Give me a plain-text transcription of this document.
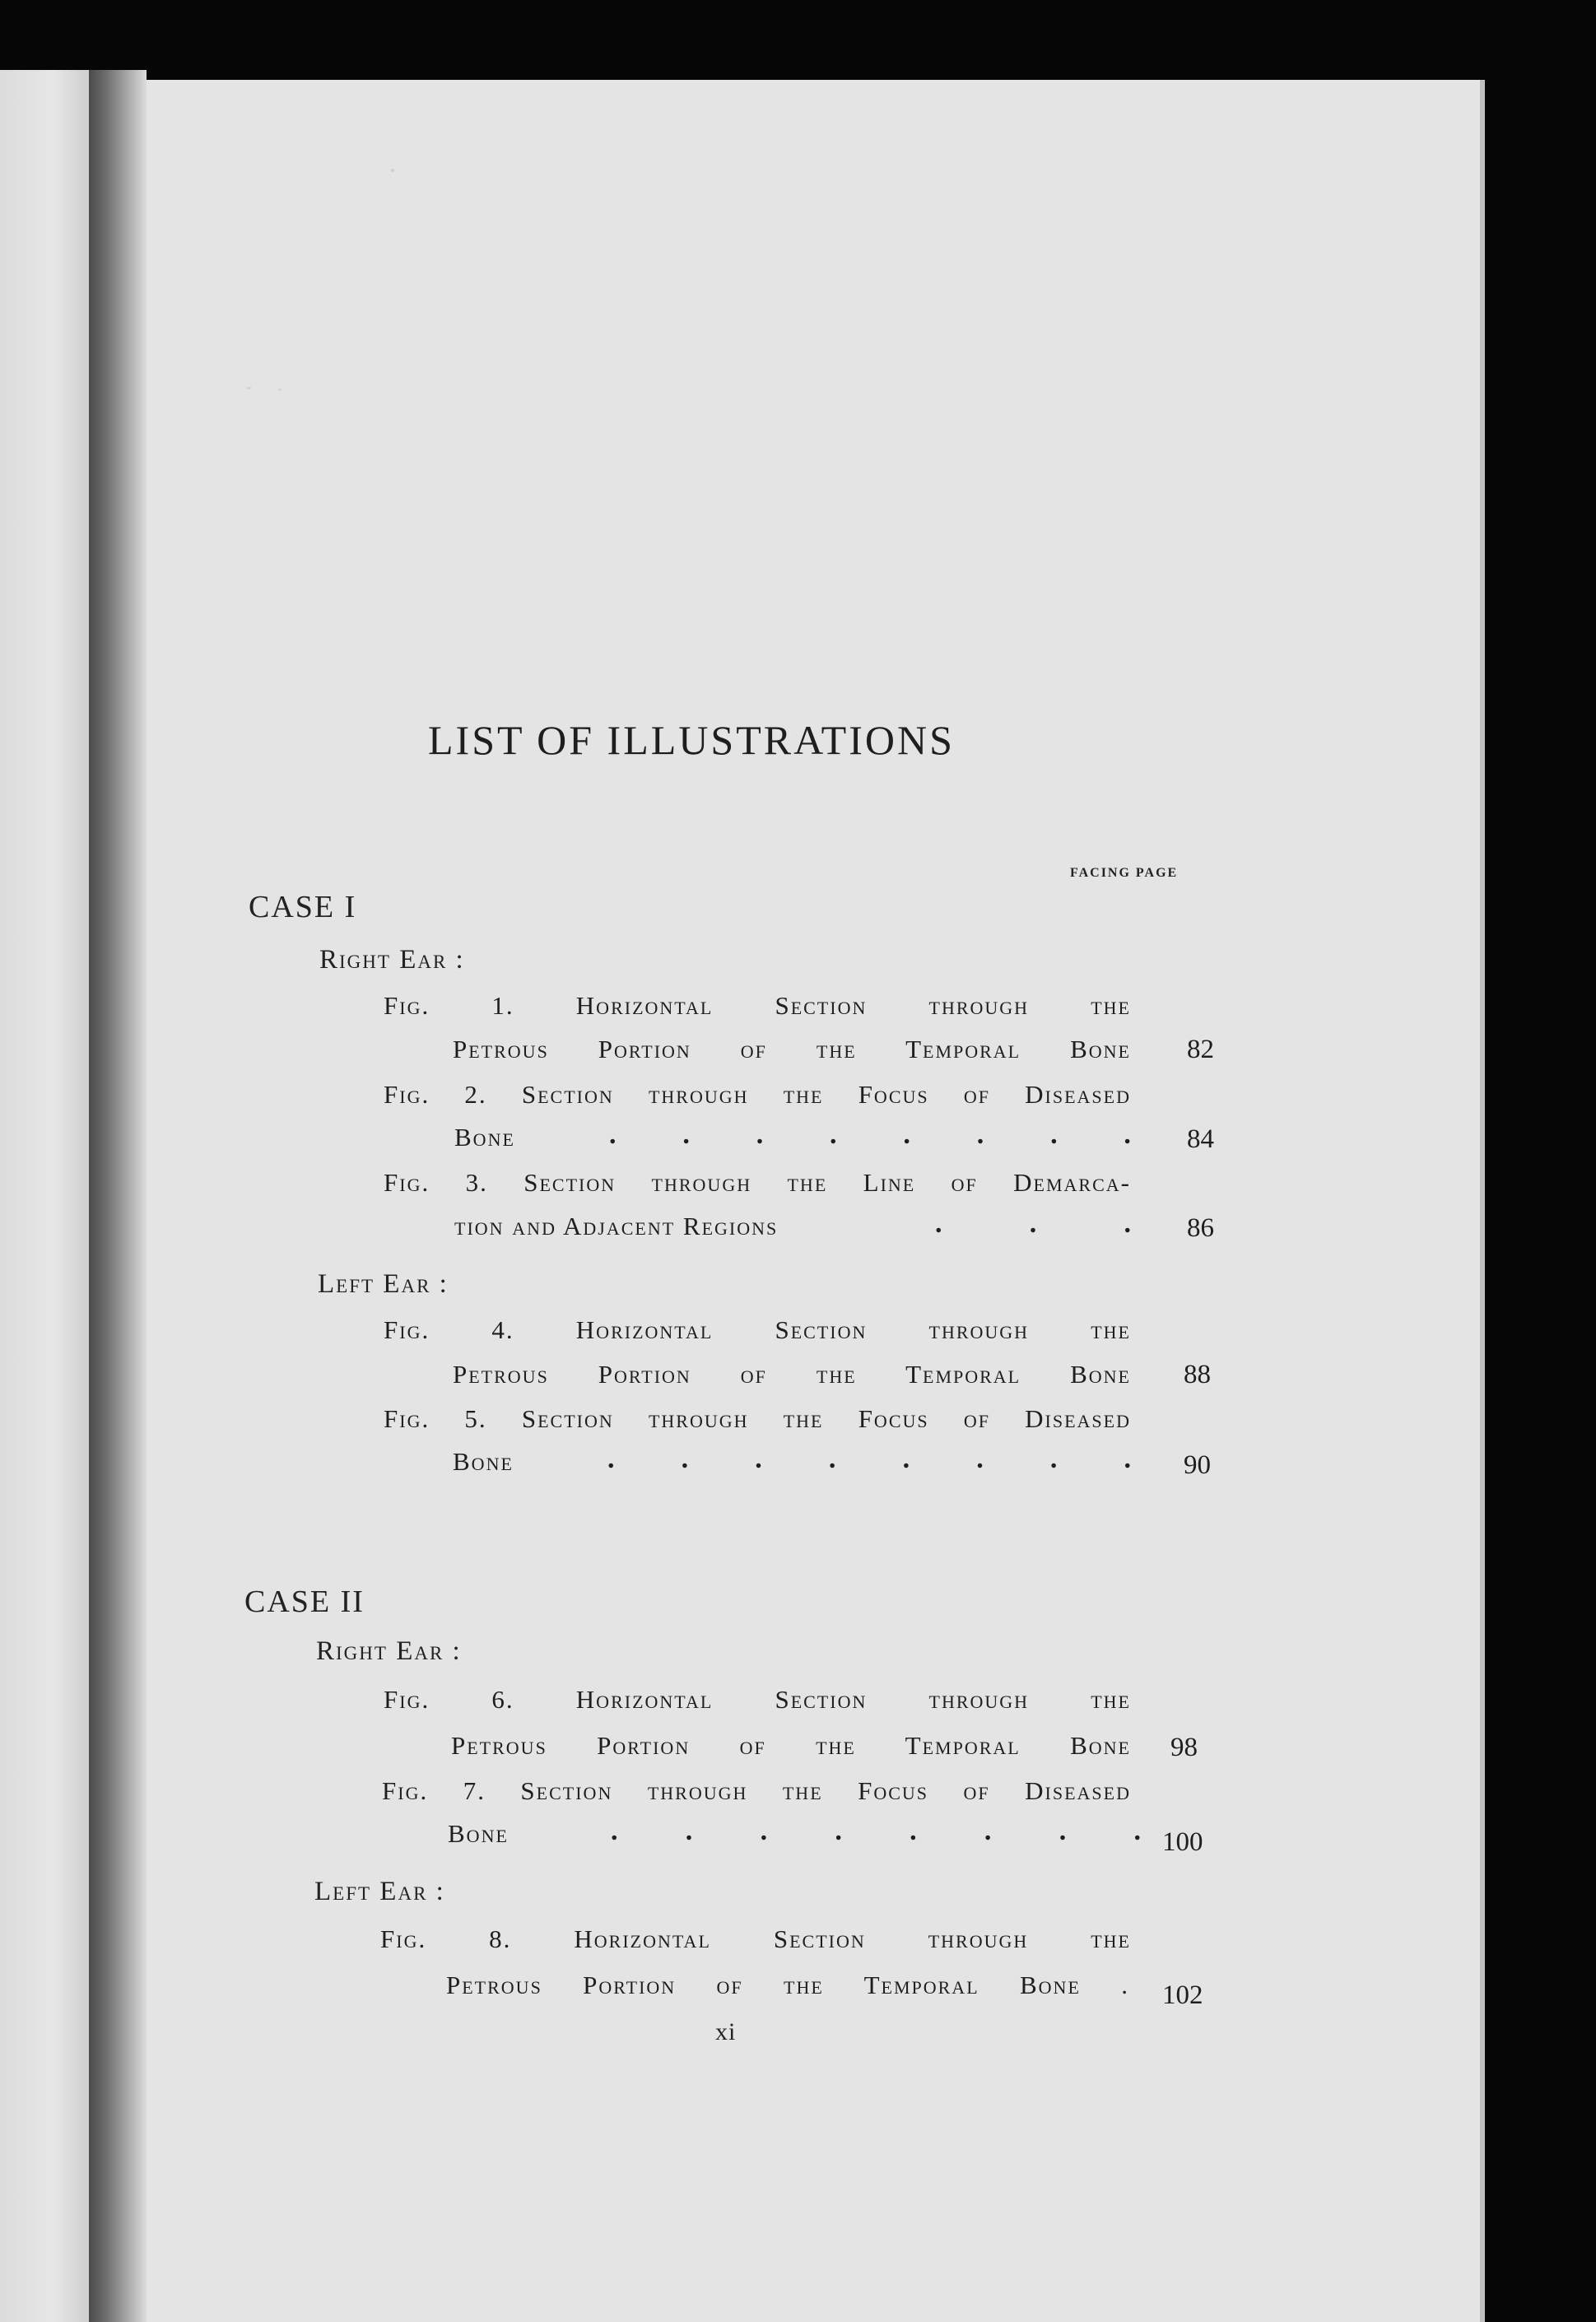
LIST OF ILLUSTRATIONS
FACING PAGE
CASE I
Right Ear :
Fig. 1. Horizontal Section through the
Petrous Portion of the Temporal Bone 82
Fig. 2. Section through the Focus of Diseased
Bone	. . . . . . . . 84
Fig. 3. Section through the Line of Demarca-
tion and Adjacent Regions	.	.	. 86
Left Ear :
Fig. 4. Horizontal Section through the
Petrous Portion of the Temporal Bone 88
Fig. 5. Section through the Focus of Diseased
Bone	. . . . . . . . 90
CASE II
Right Ear :
Fig. 6. Horizontal Section through the
Petrous Portion of the Temporal Bone 98
Fig. 7. Section through the Focus of Diseased
Bone	. . . . . . . . 100
Left Ear :
Fig. 8. Horizontal Section through the
Petrous Portion of the Temporal Bone . 102
xi
